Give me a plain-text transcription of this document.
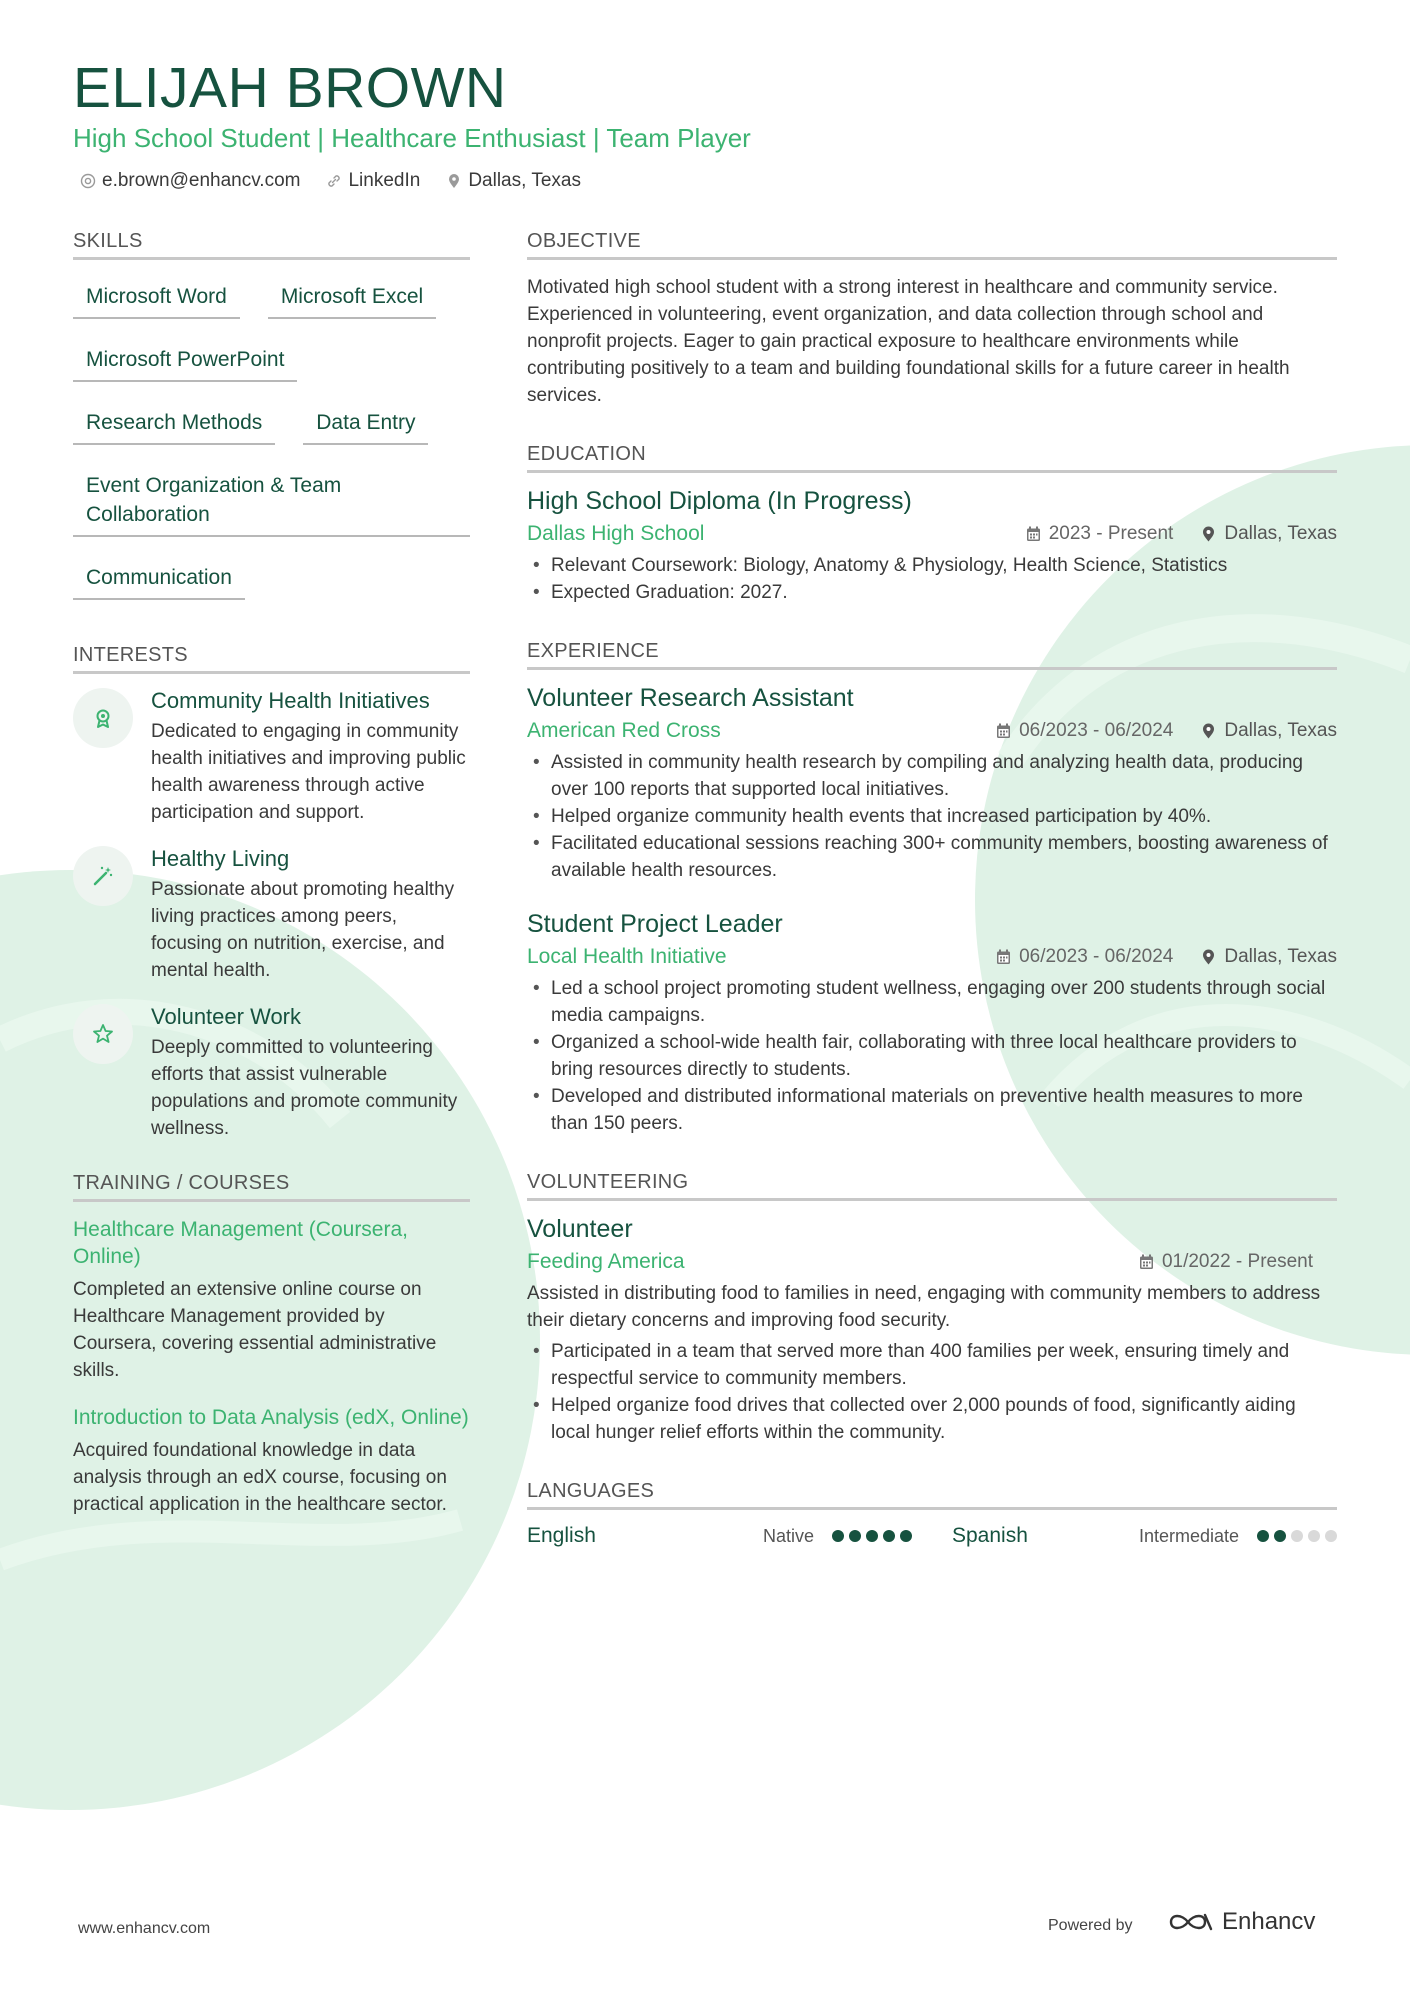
ELIJAH BROWN
High School Student | Healthcare Enthusiast | Team Player
e.brown@enhancv.com	LinkedIn	Dallas, Texas
SKILLS
Microsoft Word	Microsoft Excel
Microsoft PowerPoint
Research Methods	Data Entry
Event Organization & Team Collaboration
Communication
INTERESTS
Community Health Initiatives
Dedicated to engaging in community health initiatives and improving public health awareness through active participation and support.
Healthy Living
Passionate about promoting healthy living practices among peers, focusing on nutrition, exercise, and mental health.
Volunteer Work
Deeply committed to volunteering efforts that assist vulnerable populations and promote community wellness.
TRAINING / COURSES
Healthcare Management (Coursera, Online)
Completed an extensive online course on Healthcare Management provided by Coursera, covering essential administrative skills.
Introduction to Data Analysis (edX, Online)
Acquired foundational knowledge in data analysis through an edX course, focusing on practical application in the healthcare sector.
OBJECTIVE
Motivated high school student with a strong interest in healthcare and community service. Experienced in volunteering, event organization, and data collection through school and nonprofit projects. Eager to gain practical exposure to healthcare environments while contributing positively to a team and building foundational skills for a future career in health services.
EDUCATION
High School Diploma (In Progress)
Dallas High School	2023 - Present	Dallas, Texas
• Relevant Coursework: Biology, Anatomy & Physiology, Health Science, Statistics
• Expected Graduation: 2027.
EXPERIENCE
Volunteer Research Assistant
American Red Cross	06/2023 - 06/2024	Dallas, Texas
• Assisted in community health research by compiling and analyzing health data, producing over 100 reports that supported local initiatives.
• Helped organize community health events that increased participation by 40%.
• Facilitated educational sessions reaching 300+ community members, boosting awareness of available health resources.
Student Project Leader
Local Health Initiative	06/2023 - 06/2024	Dallas, Texas
• Led a school project promoting student wellness, engaging over 200 students through social media campaigns.
• Organized a school-wide health fair, collaborating with three local healthcare providers to bring resources directly to students.
• Developed and distributed informational materials on preventive health measures to more than 150 peers.
VOLUNTEERING
Volunteer
Feeding America	01/2022 - Present
Assisted in distributing food to families in need, engaging with community members to address their dietary concerns and improving food security.
• Participated in a team that served more than 400 families per week, ensuring timely and respectful service to community members.
• Helped organize food drives that collected over 2,000 pounds of food, significantly aiding local hunger relief efforts within the community.
LANGUAGES
English	Native	Spanish	Intermediate
www.enhancv.com	Powered by	Enhancv
